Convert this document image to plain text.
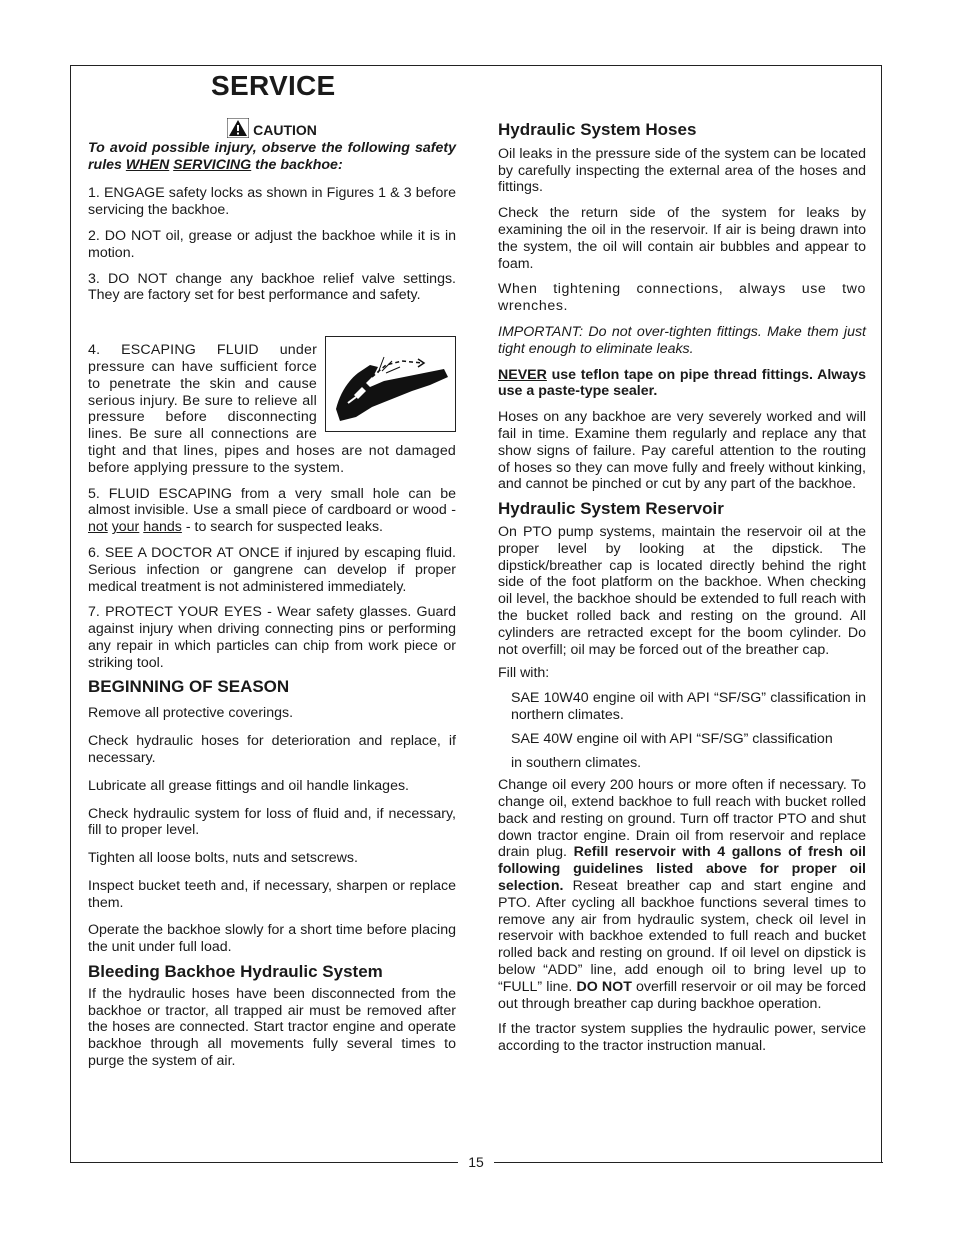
15
SERVICE
CAUTION

To avoid possible injury, observe the following safety rules WHEN SERVICING the backhoe:

1. ENGAGE safety locks as shown in Figures 1 & 3 before servicing the backhoe.

2. DO NOT oil, grease or adjust the backhoe while it is in motion.

3. DO NOT change any backhoe relief valve settings. They are factory set for best performance and safety.

4. ESCAPING FLUID under pressure can have sufficient force to penetrate the skin and cause serious injury. Be sure to relieve all pressure before disconnecting lines. Be sure all connections are tight and that lines, pipes and hoses are not damaged before applying pressure to the system.

5. FLUID ESCAPING from a very small hole can be almost invisible. Use a small piece of cardboard or wood - not your hands - to search for suspected leaks.

6. SEE A DOCTOR AT ONCE if injured by escaping fluid. Serious infection or gangrene can develop if proper medical treatment is not administered immediately.

7. PROTECT YOUR EYES - Wear safety glasses. Guard against injury when driving connecting pins or performing any repair in which particles can chip from work piece or striking tool.

BEGINNING OF SEASON

Remove all protective coverings.

Check hydraulic hoses for deterioration and replace, if necessary.

Lubricate all grease fittings and oil handle linkages.

Check hydraulic system for loss of fluid and, if necessary, fill to proper level.

Tighten all loose bolts, nuts and setscrews.

Inspect bucket teeth and, if necessary, sharpen or replace them.

Operate the backhoe slowly for a short time before placing the unit under full load.

Bleeding Backhoe Hydraulic System

If the hydraulic hoses have been disconnected from the backhoe or tractor, all trapped air must be removed after the hoses are connected. Start tractor engine and operate backhoe through all movements fully several times to purge the system of air.

Hydraulic System Hoses

Oil leaks in the pressure side of the system can be located by carefully inspecting the external area of the hoses and fittings.

Check the return side of the system for leaks by examining the oil in the reservoir. If air is being drawn into the system, the oil will contain air bubbles and appear to foam.

When tightening connections, always use two wrenches.

IMPORTANT: Do not over-tighten fittings. Make them just tight enough to eliminate leaks.

NEVER use teflon tape on pipe thread fittings. Always use a paste-type sealer.

Hoses on any backhoe are very severely worked and will fail in time. Examine them regularly and replace any that show signs of failure. Pay careful attention to the routing of hoses so they can move fully and freely without kinking, and cannot be pinched or cut by any part of the backhoe.

Hydraulic System Reservoir

On PTO pump systems, maintain the reservoir oil at the proper level by looking at the dipstick. The dipstick/breather cap is located directly behind the right side of the foot platform on the backhoe. When checking oil level, the backhoe should be extended to full reach with the bucket rolled back and resting on the ground. All cylinders are retracted except for the boom cylinder. Do not overfill; oil may be forced out of the breather cap.

Fill with:

SAE 10W40 engine oil with API “SF/SG” classification in northern climates.

SAE 40W engine oil with API “SF/SG” classification

in southern climates.

Change oil every 200 hours or more often if necessary. To change oil, extend backhoe to full reach with bucket rolled back and resting on ground. Turn off tractor PTO and shut down tractor engine. Drain oil from reservoir and replace drain plug. Refill reservoir with 4 gallons of fresh oil following guidelines listed above for proper oil selection. Reseat breather cap and start engine and PTO. After cycling all backhoe functions several times to remove any air from hydraulic system, check oil level in reservoir with backhoe extended to full reach and bucket rolled back and resting on ground. If oil level on dipstick is below “ADD” line, add enough oil to bring level up to “FULL” line. DO NOT overfill reservoir or oil may be forced out through breather cap during backhoe operation.

If the tractor system supplies the hydraulic power, service according to the tractor instruction manual.
